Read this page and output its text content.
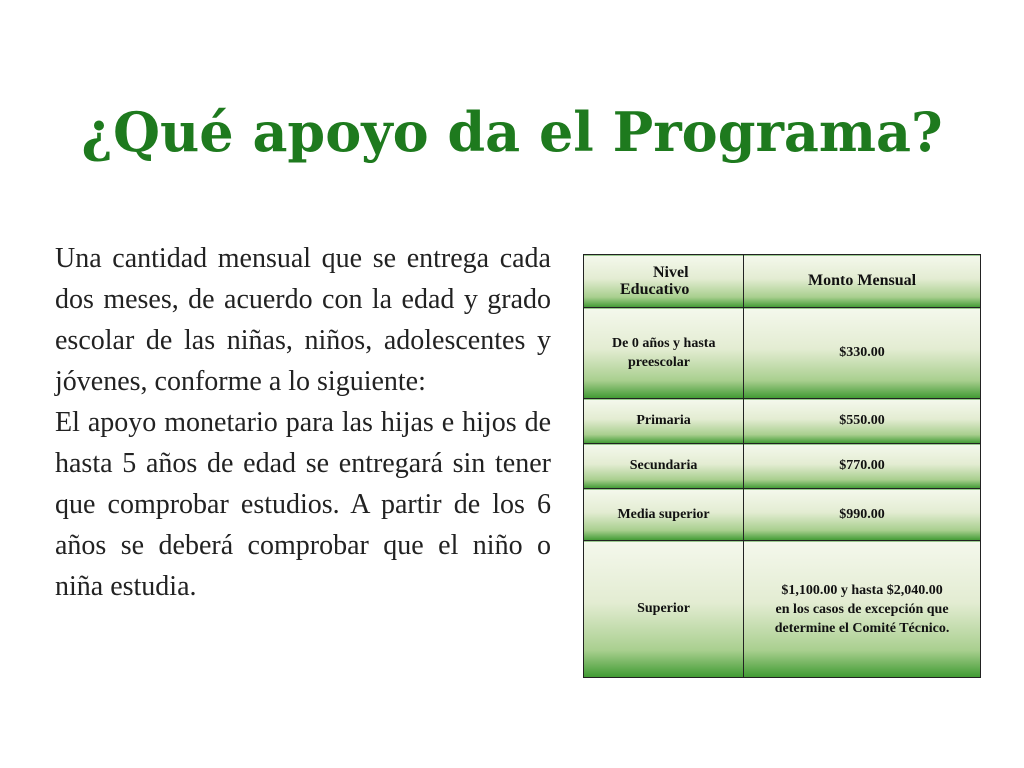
¿Qué apoyo da el Programa?

Una cantidad mensual que se entrega cada dos meses, de acuerdo con la edad y grado escolar de las niñas, niños, adolescentes y jóvenes, conforme a lo siguiente:

El apoyo monetario para las hijas e hijos de hasta 5 años de edad se entregará sin tener que comprobar estudios. A partir de los 6 años se deberá comprobar que el niño o niña estudia.

Nivel
Educativo	Monto Mensual

De 0 años y hasta
preescolar	$330.00
Primaria	$550.00
Secundaria	$770.00
Media superior	$990.00
Superior	$1,100.00 y hasta $2,040.00
en los casos de excepción que
determine el Comité Técnico.
